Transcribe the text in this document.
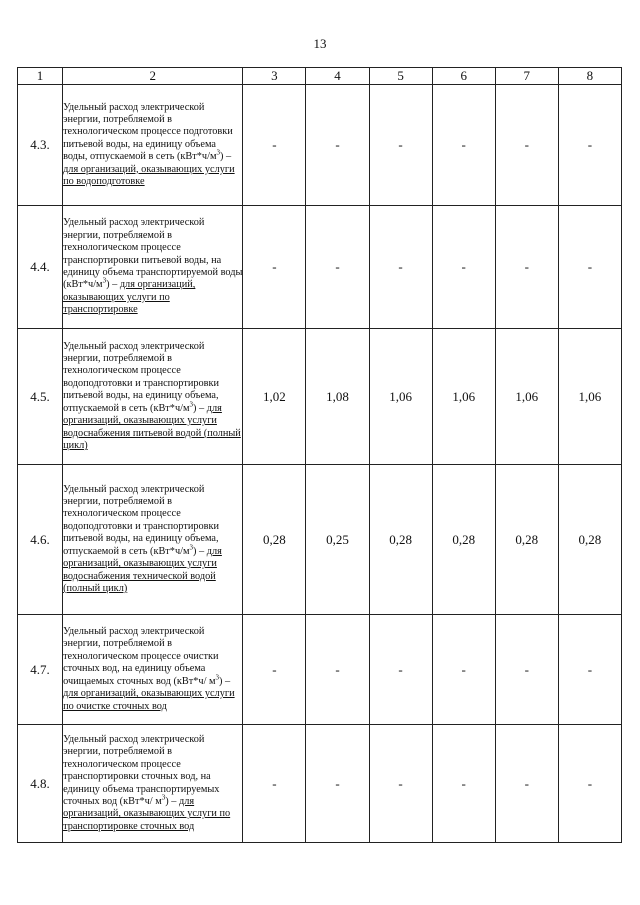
13
1	2	3	4	5	6	7	8
4.3.	Удельный расход электрической энергии, потребляемой в технологическом процессе подготовки питьевой воды, на единицу объема воды, отпускаемой в сеть $(кВт*ч/м^3)$ – для организаций, оказывающих услуги по водоподготовке	-	-	-	-	-	-
4.4.	Удельный расход электрической энергии, потребляемой в технологическом процессе транспортировки питьевой воды, на единицу объема транспортируемой воды $(кВт*ч/м^3)$ – для организаций, оказывающих услуги по транспортировке	-	-	-	-	-	-
4.5.	Удельный расход электрической энергии, потребляемой в технологическом процессе водоподготовки и транспортировки питьевой воды, на единицу объема, отпускаемой в сеть $(кВт*ч/м^3)$ – для организаций, оказывающих услуги водоснабжения питьевой водой (полный цикл)	1,02	1,08	1,06	1,06	1,06	1,06
4.6.	Удельный расход электрической энергии, потребляемой в технологическом процессе водоподготовки и транспортировки питьевой воды, на единицу объема, отпускаемой в сеть $(кВт*ч/м^3)$ – для организаций, оказывающих услуги водоснабжения технической водой (полный цикл)	0,28	0,25	0,28	0,28	0,28	0,28
4.7.	Удельный расход электрической энергии, потребляемой в технологическом процессе очистки сточных вод, на единицу объема очищаемых сточных вод (кВт*ч/ $м^3$) – для организаций, оказывающих услуги по очистке сточных вод	-	-	-	-	-	-
4.8.	Удельный расход электрической энергии, потребляемой в технологическом процессе транспортировки сточных вод, на единицу объема транспортируемых сточных вод (кВт*ч/ $м^3$) – для организаций, оказывающих услуги по транспортировке сточных вод	-	-	-	-	-	-
